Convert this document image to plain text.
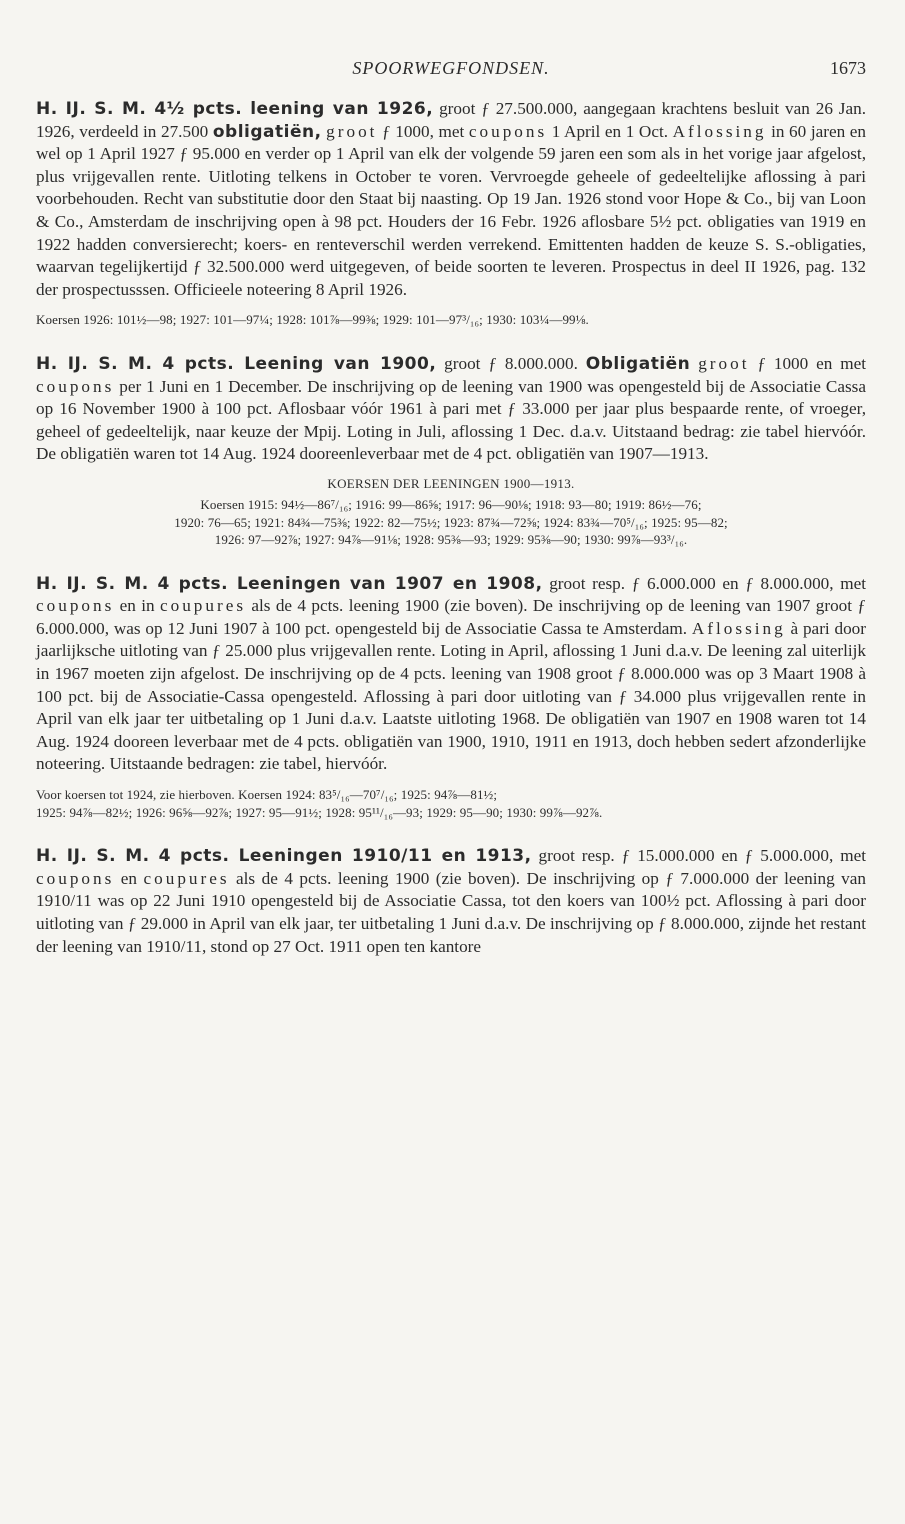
SPOORWEGFONDSEN.	1673

H. IJ. S. M. 4½ pcts. leening van 1926, groot ƒ 27.500.000, aangegaan krachtens besluit van 26 Jan. 1926, verdeeld in 27.500 obligatiën, groot ƒ 1000, met coupons 1 April en 1 Oct. Aflossing in 60 jaren en wel op 1 April 1927 ƒ 95.000 en verder op 1 April van elk der volgende 59 jaren een som als in het vorige jaar afgelost, plus vrijgevallen rente. Uitloting telkens in October te voren. Vervroegde geheele of gedeeltelijke aflossing à pari voorbehouden. Recht van substitutie door den Staat bij naasting. Op 19 Jan. 1926 stond voor Hope & Co., bij van Loon & Co., Amsterdam de inschrijving open à 98 pct. Houders der 16 Febr. 1926 aflosbare 5½ pct. obligaties van 1919 en 1922 hadden conversierecht; koers- en renteverschil werden verrekend. Emittenten hadden de keuze S. S.-obligaties, waarvan tegelijkertijd ƒ 32.500.000 werd uitgegeven, of beide soorten te leveren. Prospectus in deel II 1926, pag. 132 der prospectusssen. Officieele noteering 8 April 1926.

Koersen 1926: 101½—98; 1927: 101—97¼; 1928: 101⅞—99⅜; 1929: 101—97³/₁₆; 1930: 103¼—99⅛.

H. IJ. S. M. 4 pcts. Leening van 1900, groot ƒ 8.000.000. Obligatiën groot ƒ 1000 en met coupons per 1 Juni en 1 December. De inschrijving op de leening van 1900 was opengesteld bij de Associatie Cassa op 16 November 1900 à 100 pct. Aflosbaar vóór 1961 à pari met ƒ 33.000 per jaar plus bespaarde rente, of vroeger, geheel of gedeeltelijk, naar keuze der Mpij. Loting in Juli, aflossing 1 Dec. d.a.v. Uitstaand bedrag: zie tabel hiervóór. De obligatiën waren tot 14 Aug. 1924 dooreenleverbaar met de 4 pct. obligatiën van 1907—1913.

KOERSEN DER LEENINGEN 1900—1913.
Koersen 1915: 94½—86⁷/₁₆; 1916: 99—86⅝; 1917: 96—90⅛; 1918: 93—80; 1919: 86½—76;
1920: 76—65; 1921: 84¾—75⅜; 1922: 82—75½; 1923: 87¾—72⅝; 1924: 83¾—70⁵/₁₆; 1925: 95—82;
1926: 97—92⅞; 1927: 94⅞—91⅛; 1928: 95⅜—93; 1929: 95⅜—90; 1930: 99⅞—93³/₁₆.

H. IJ. S. M. 4 pcts. Leeningen van 1907 en 1908, groot resp. ƒ 6.000.000 en ƒ 8.000.000, met coupons en in coupures als de 4 pcts. leening 1900 (zie boven). De inschrijving op de leening van 1907 groot ƒ 6.000.000, was op 12 Juni 1907 à 100 pct. opengesteld bij de Associatie Cassa te Amsterdam. Aflossing à pari door jaarlijksche uitloting van ƒ 25.000 plus vrijgevallen rente. Loting in April, aflossing 1 Juni d.a.v. De leening zal uiterlijk in 1967 moeten zijn afgelost. De inschrijving op de 4 pcts. leening van 1908 groot ƒ 8.000.000 was op 3 Maart 1908 à 100 pct. bij de Associatie-Cassa opengesteld. Aflossing à pari door uitloting van ƒ 34.000 plus vrijgevallen rente in April van elk jaar ter uitbetaling op 1 Juni d.a.v. Laatste uitloting 1968. De obligatiën van 1907 en 1908 waren tot 14 Aug. 1924 dooreen leverbaar met de 4 pcts. obligatiën van 1900, 1910, 1911 en 1913, doch hebben sedert afzonderlijke noteering. Uitstaande bedragen: zie tabel, hiervóór.

Voor koersen tot 1924, zie hierboven. Koersen 1924: 83⁵/₁₆—70⁷/₁₆; 1925: 94⅞—81½;
1925: 94⅞—82½; 1926: 96⅝—92⅞; 1927: 95—91½; 1928: 95¹¹/₁₆—93; 1929: 95—90; 1930: 99⅞—92⅞.

H. IJ. S. M. 4 pcts. Leeningen 1910/11 en 1913, groot resp. ƒ 15.000.000 en ƒ 5.000.000, met coupons en coupures als de 4 pcts. leening 1900 (zie boven). De inschrijving op ƒ 7.000.000 der leening van 1910/11 was op 22 Juni 1910 opengesteld bij de Associatie Cassa, tot den koers van 100½ pct. Aflossing à pari door uitloting van ƒ 29.000 in April van elk jaar, ter uitbetaling 1 Juni d.a.v. De inschrijving op ƒ 8.000.000, zijnde het restant der leening van 1910/11, stond op 27 Oct. 1911 open ten kantore
